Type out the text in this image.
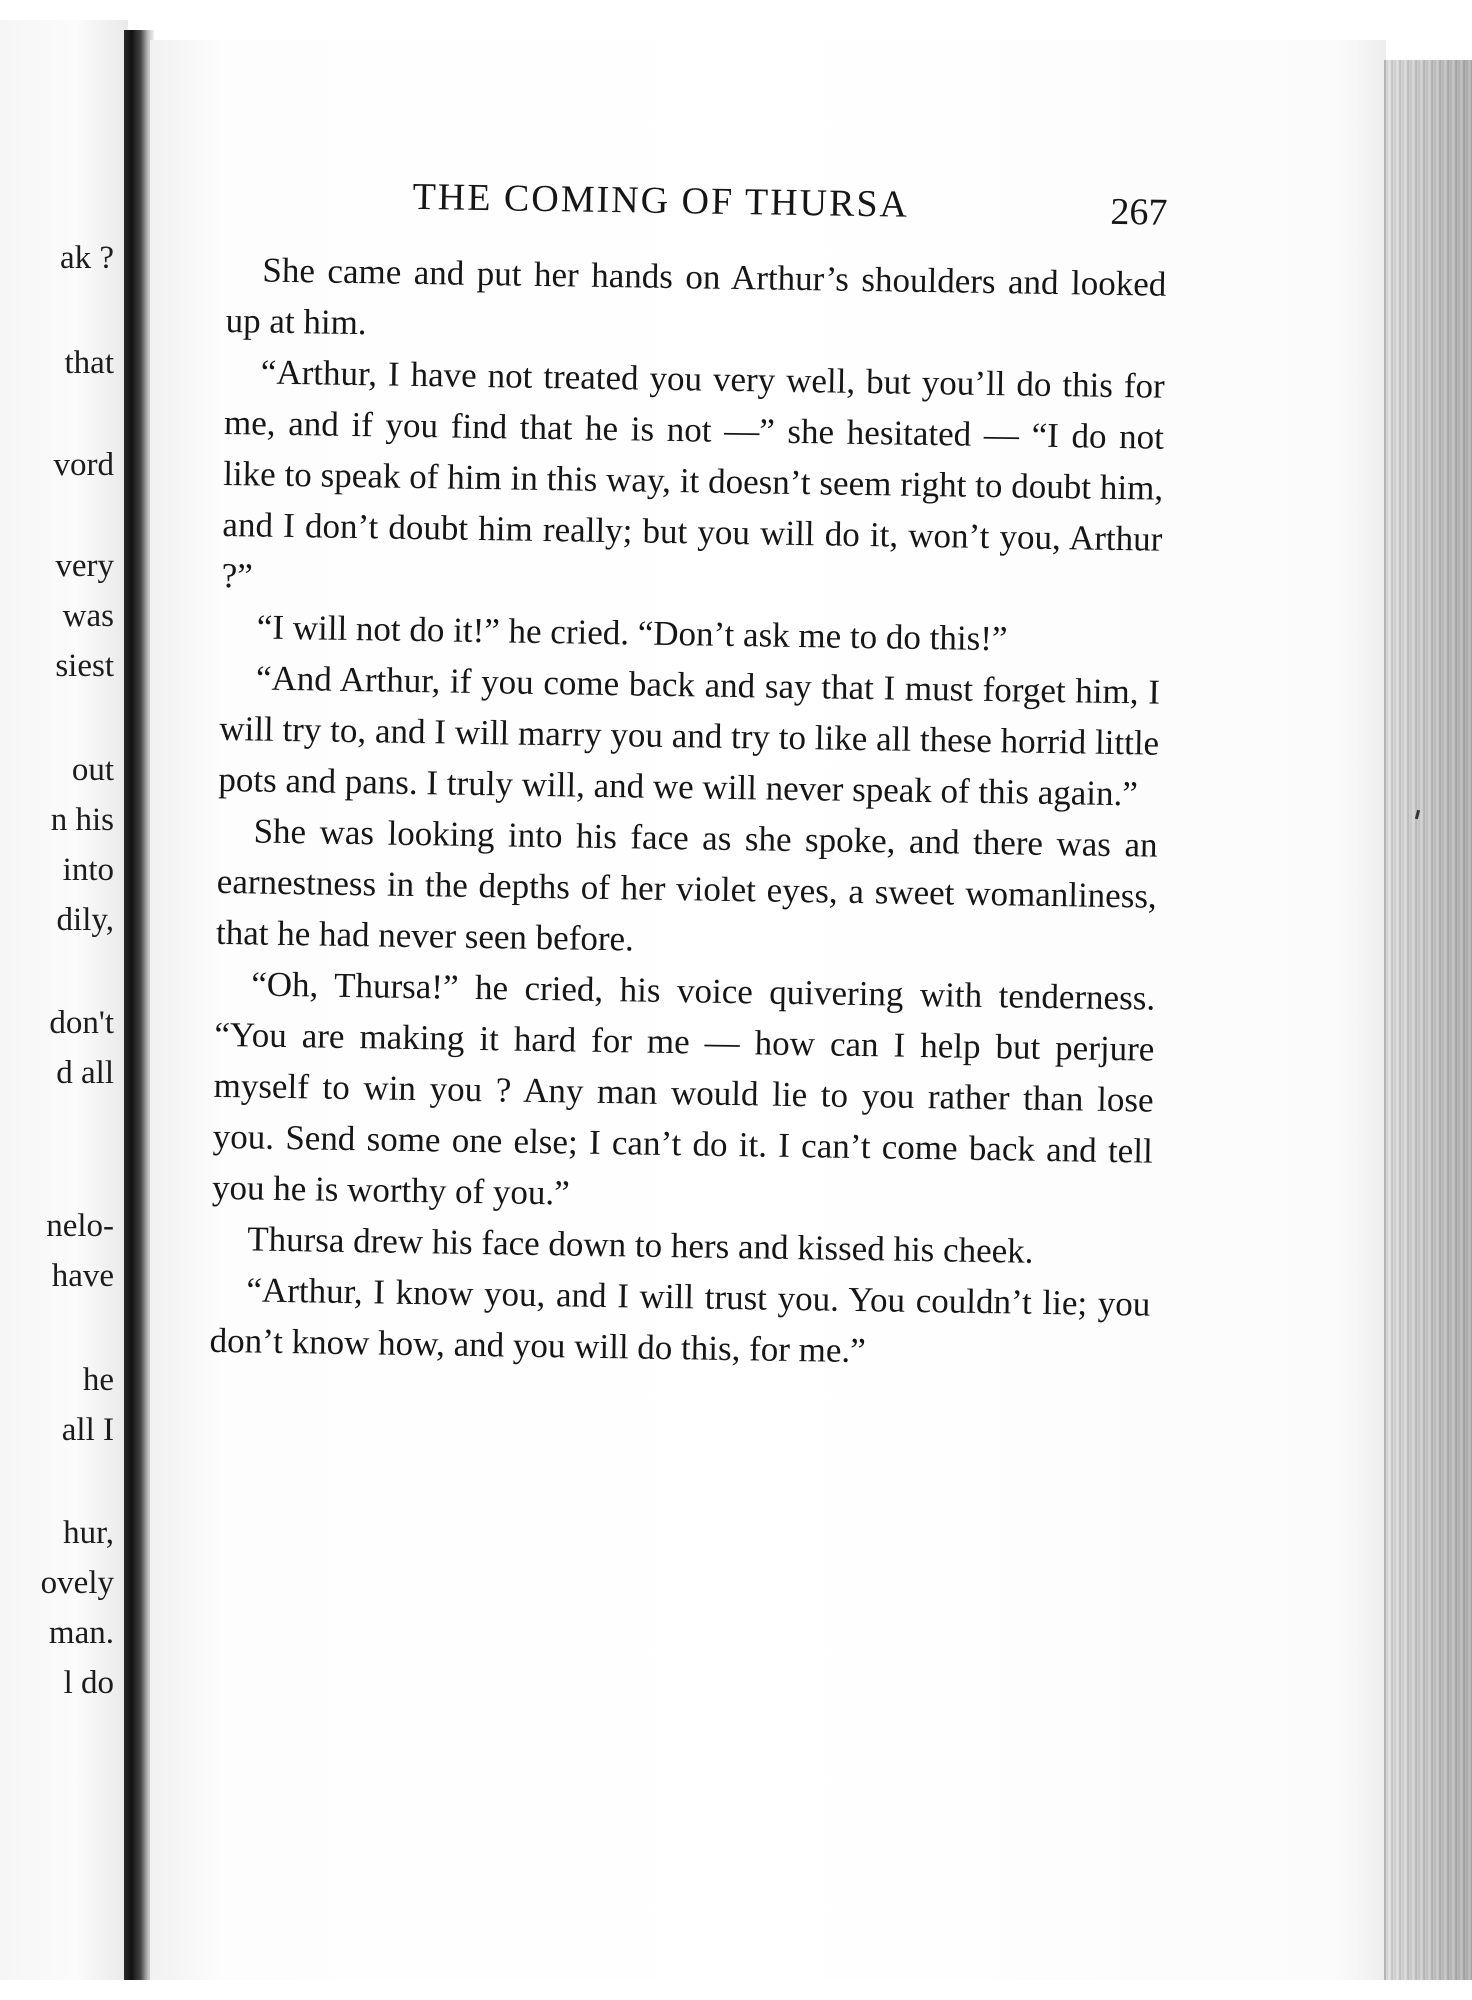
ak ?
that
vord
very
was
siest
out
n his
into
dily,
don't
d all
nelo-
have
he
all I
hur,
ovely
man.
l do
THE COMING OF THURSA	267

She came and put her hands on Arthur’s shoulders and looked up at him.

“Arthur, I have not treated you very well, but you’ll do this for me, and if you find that he is not —” she hesitated — “I do not like to speak of him in this way, it doesn’t seem right to doubt him, and I don’t doubt him really; but you will do it, won’t you, Arthur ?”

“I will not do it!” he cried. “Don’t ask me to do this!”

“And Arthur, if you come back and say that I must forget him, I will try to, and I will marry you and try to like all these horrid little pots and pans. I truly will, and we will never speak of this again.”

She was looking into his face as she spoke, and there was an earnestness in the depths of her violet eyes, a sweet womanliness, that he had never seen before.

“Oh, Thursa!” he cried, his voice quivering with tenderness. “You are making it hard for me — how can I help but perjure myself to win you ? Any man would lie to you rather than lose you. Send some one else; I can’t do it. I can’t come back and tell you he is worthy of you.”

Thursa drew his face down to hers and kissed his cheek.

“Arthur, I know you, and I will trust you. You couldn’t lie; you don’t know how, and you will do this, for me.”
